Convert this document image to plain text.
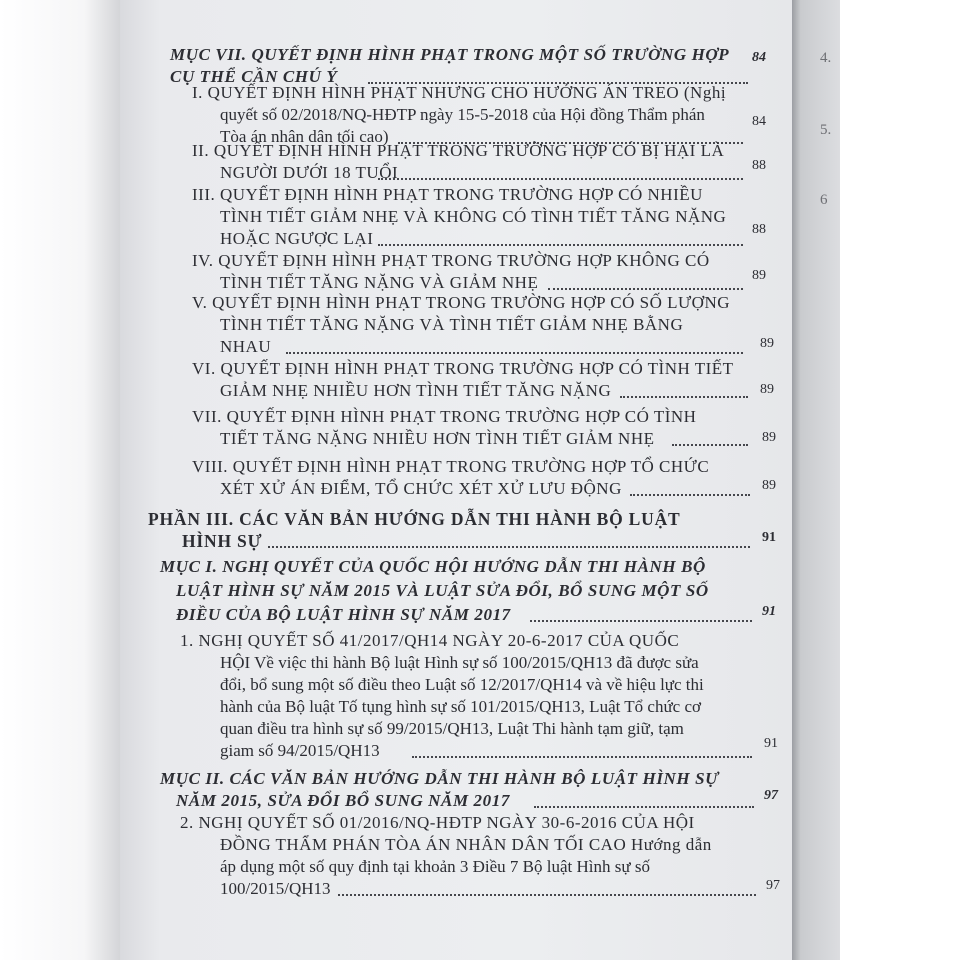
4.
5.
6
MỤC VII. QUYẾT ĐỊNH HÌNH PHẠT TRONG MỘT SỐ TRƯỜNG HỢP
CỤ THỂ CẦN CHÚ Ý
84
I. QUYẾT ĐỊNH HÌNH PHẠT NHƯNG CHO HƯỞNG ÁN TREO (Nghị
quyết số 02/2018/NQ-HĐTP ngày 15-5-2018 của Hội đồng Thẩm phán
Tòa án nhân dân tối cao)
84
II. QUYẾT ĐỊNH HÌNH PHẠT TRONG TRƯỜNG HỢP CÓ BỊ HẠI LÀ
NGƯỜI DƯỚI 18 TUỔI	88
III. QUYẾT ĐỊNH HÌNH PHẠT TRONG TRƯỜNG HỢP CÓ NHIỀU
TÌNH TIẾT GIẢM NHẸ VÀ KHÔNG CÓ TÌNH TIẾT TĂNG NẶNG
HOẶC NGƯỢC LẠI	88
IV. QUYẾT ĐỊNH HÌNH PHẠT TRONG TRƯỜNG HỢP KHÔNG CÓ
TÌNH TIẾT TĂNG NẶNG VÀ GIẢM NHẸ	89
V. QUYẾT ĐỊNH HÌNH PHẠT TRONG TRƯỜNG HỢP CÓ SỐ LƯỢNG
TÌNH TIẾT TĂNG NẶNG VÀ TÌNH TIẾT GIẢM NHẸ BẰNG
NHAU	89
VI. QUYẾT ĐỊNH HÌNH PHẠT TRONG TRƯỜNG HỢP CÓ TÌNH TIẾT
GIẢM NHẸ NHIỀU HƠN TÌNH TIẾT TĂNG NẶNG	89
VII. QUYẾT ĐỊNH HÌNH PHẠT TRONG TRƯỜNG HỢP CÓ TÌNH
TIẾT TĂNG NẶNG NHIỀU HƠN TÌNH TIẾT GIẢM NHẸ	89
VIII. QUYẾT ĐỊNH HÌNH PHẠT TRONG TRƯỜNG HỢP TỔ CHỨC
XÉT XỬ ÁN ĐIỂM, TỔ CHỨC XÉT XỬ LƯU ĐỘNG	89
PHẦN III. CÁC VĂN BẢN HƯỚNG DẪN THI HÀNH BỘ LUẬT
HÌNH SỰ	91
MỤC I. NGHỊ QUYẾT CỦA QUỐC HỘI HƯỚNG DẪN THI HÀNH BỘ
LUẬT HÌNH SỰ NĂM 2015 VÀ LUẬT SỬA ĐỔI, BỔ SUNG MỘT SỐ
ĐIỀU CỦA BỘ LUẬT HÌNH SỰ NĂM 2017	91
1. NGHỊ QUYẾT SỐ 41/2017/QH14 NGÀY 20-6-2017 CỦA QUỐC
HỘI Về việc thi hành Bộ luật Hình sự số 100/2015/QH13 đã được sửa
đổi, bổ sung một số điều theo Luật số 12/2017/QH14 và về hiệu lực thi
hành của Bộ luật Tố tụng hình sự số 101/2015/QH13, Luật Tổ chức cơ
quan điều tra hình sự số 99/2015/QH13, Luật Thi hành tạm giữ, tạm
giam số 94/2015/QH13	91
MỤC II. CÁC VĂN BẢN HƯỚNG DẪN THI HÀNH BỘ LUẬT HÌNH SỰ
NĂM 2015, SỬA ĐỔI BỔ SUNG NĂM 2017	97
2. NGHỊ QUYẾT SỐ 01/2016/NQ-HĐTP NGÀY 30-6-2016 CỦA HỘI
ĐỒNG THẨM PHÁN TÒA ÁN NHÂN DÂN TỐI CAO Hướng dẫn
áp dụng một số quy định tại khoản 3 Điều 7 Bộ luật Hình sự số
100/2015/QH13	97
